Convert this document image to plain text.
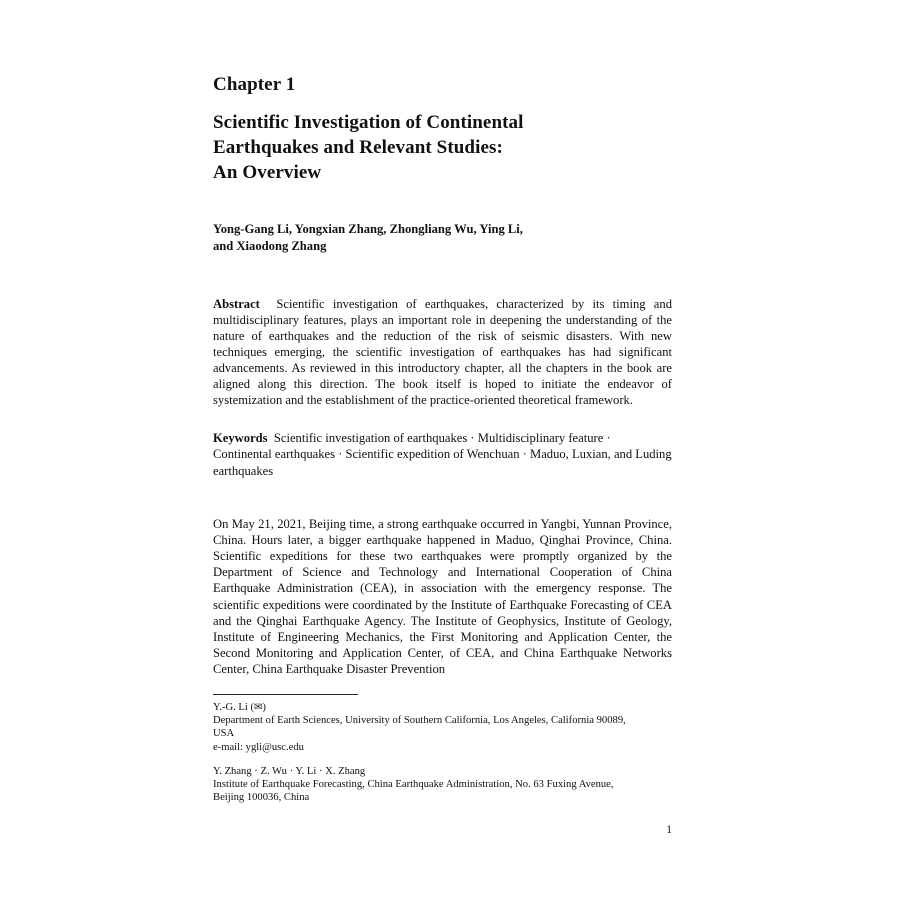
Chapter 1
Scientific Investigation of Continental
Earthquakes and Relevant Studies:
An Overview
Yong-Gang Li, Yongxian Zhang, Zhongliang Wu, Ying Li,
and Xiaodong Zhang

Abstract Scientific investigation of earthquakes, characterized by its timing and multidisciplinary features, plays an important role in deepening the understanding of the nature of earthquakes and the reduction of the risk of seismic disasters. With new techniques emerging, the scientific investigation of earthquakes has had significant advancements. As reviewed in this introductory chapter, all the chapters in the book are aligned along this direction. The book itself is hoped to initiate the endeavor of systemization and the establishment of the practice-oriented theoretical framework.

Keywords Scientific investigation of earthquakes · Multidisciplinary feature · Continental earthquakes · Scientific expedition of Wenchuan · Maduo, Luxian, and Luding earthquakes

On May 21, 2021, Beijing time, a strong earthquake occurred in Yangbi, Yunnan Province, China. Hours later, a bigger earthquake happened in Maduo, Qinghai Province, China. Scientific expeditions for these two earthquakes were promptly organized by the Department of Science and Technology and International Cooperation of China Earthquake Administration (CEA), in association with the emergency response. The scientific expeditions were coordinated by the Institute of Earthquake Forecasting of CEA and the Qinghai Earthquake Agency. The Institute of Geophysics, Institute of Geology, Institute of Engineering Mechanics, the First Monitoring and Application Center, the Second Monitoring and Application Center, of CEA, and China Earthquake Networks Center, China Earthquake Disaster Prevention

Y.-G. Li (✉)
Department of Earth Sciences, University of Southern California, Los Angeles, California 90089,
USA
e-mail: ygli@usc.edu
Y. Zhang · Z. Wu · Y. Li · X. Zhang
Institute of Earthquake Forecasting, China Earthquake Administration, No. 63 Fuxing Avenue,
Beijing 100036, China
1
